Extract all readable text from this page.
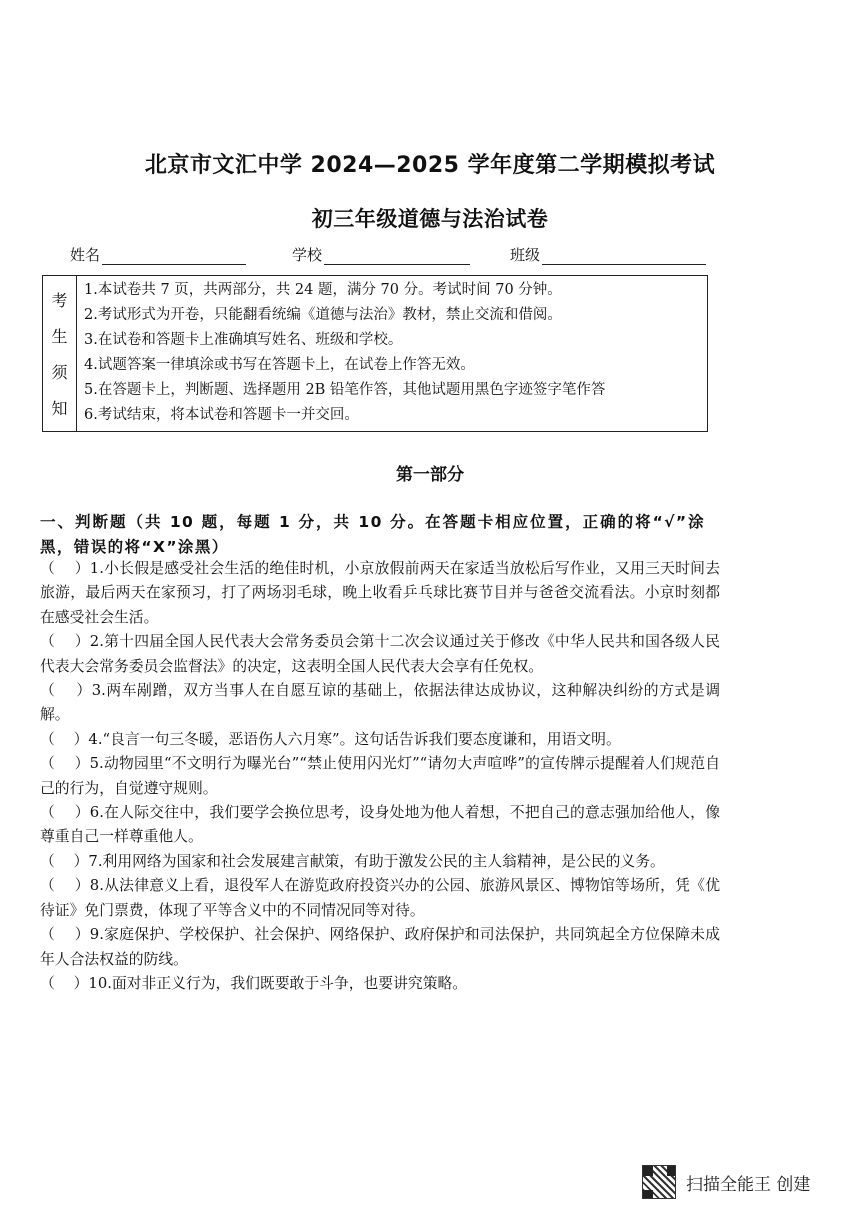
北京市文汇中学 2024—2025 学年度第二学期模拟考试
初三年级道德与法治试卷
姓名	学校	班级
考
生
须
知
1.本试卷共 7 页，共两部分，共 24 题，满分 70 分。考试时间 70 分钟。
2.考试形式为开卷，只能翻看统编《道德与法治》教材，禁止交流和借阅。
3.在试卷和答题卡上准确填写姓名、班级和学校。
4.试题答案一律填涂或书写在答题卡上，在试卷上作答无效。
5.在答题卡上，判断题、选择题用 2B 铅笔作答，其他试题用黑色字迹签字笔作答
6.考试结束，将本试卷和答题卡一并交回。
第一部分
一、判断题（共 10 题，每题 1 分，共 10 分。在答题卡相应位置，正确的将“√”涂黑，错误的将“X”涂黑）

（    ）1.小长假是感受社会生活的绝佳时机，小京放假前两天在家适当放松后写作业，又用三天时间去旅游，最后两天在家预习，打了两场羽毛球，晚上收看乒乓球比赛节目并与爸爸交流看法。小京时刻都在感受社会生活。

（    ）2.第十四届全国人民代表大会常务委员会第十二次会议通过关于修改《中华人民共和国各级人民代表大会常务委员会监督法》的决定，这表明全国人民代表大会享有任免权。

（    ）3.两车剐蹭，双方当事人在自愿互谅的基础上，依据法律达成协议，这种解决纠纷的方式是调解。

（    ）4.“良言一句三冬暖，恶语伤人六月寒”。这句话告诉我们要态度谦和，用语文明。

（    ）5.动物园里“不文明行为曝光台”“禁止使用闪光灯”“请勿大声喧哗”的宣传牌示提醒着人们规范自己的行为，自觉遵守规则。

（    ）6.在人际交往中，我们要学会换位思考，设身处地为他人着想，不把自己的意志强加给他人，像尊重自己一样尊重他人。

（    ）7.利用网络为国家和社会发展建言献策，有助于激发公民的主人翁精神，是公民的义务。

（    ）8.从法律意义上看，退役军人在游览政府投资兴办的公园、旅游风景区、博物馆等场所，凭《优待证》免门票费，体现了平等含义中的不同情况同等对待。

（    ）9.家庭保护、学校保护、社会保护、网络保护、政府保护和司法保护，共同筑起全方位保障未成年人合法权益的防线。

（    ）10.面对非正义行为，我们既要敢于斗争，也要讲究策略。

扫描全能王 创建
